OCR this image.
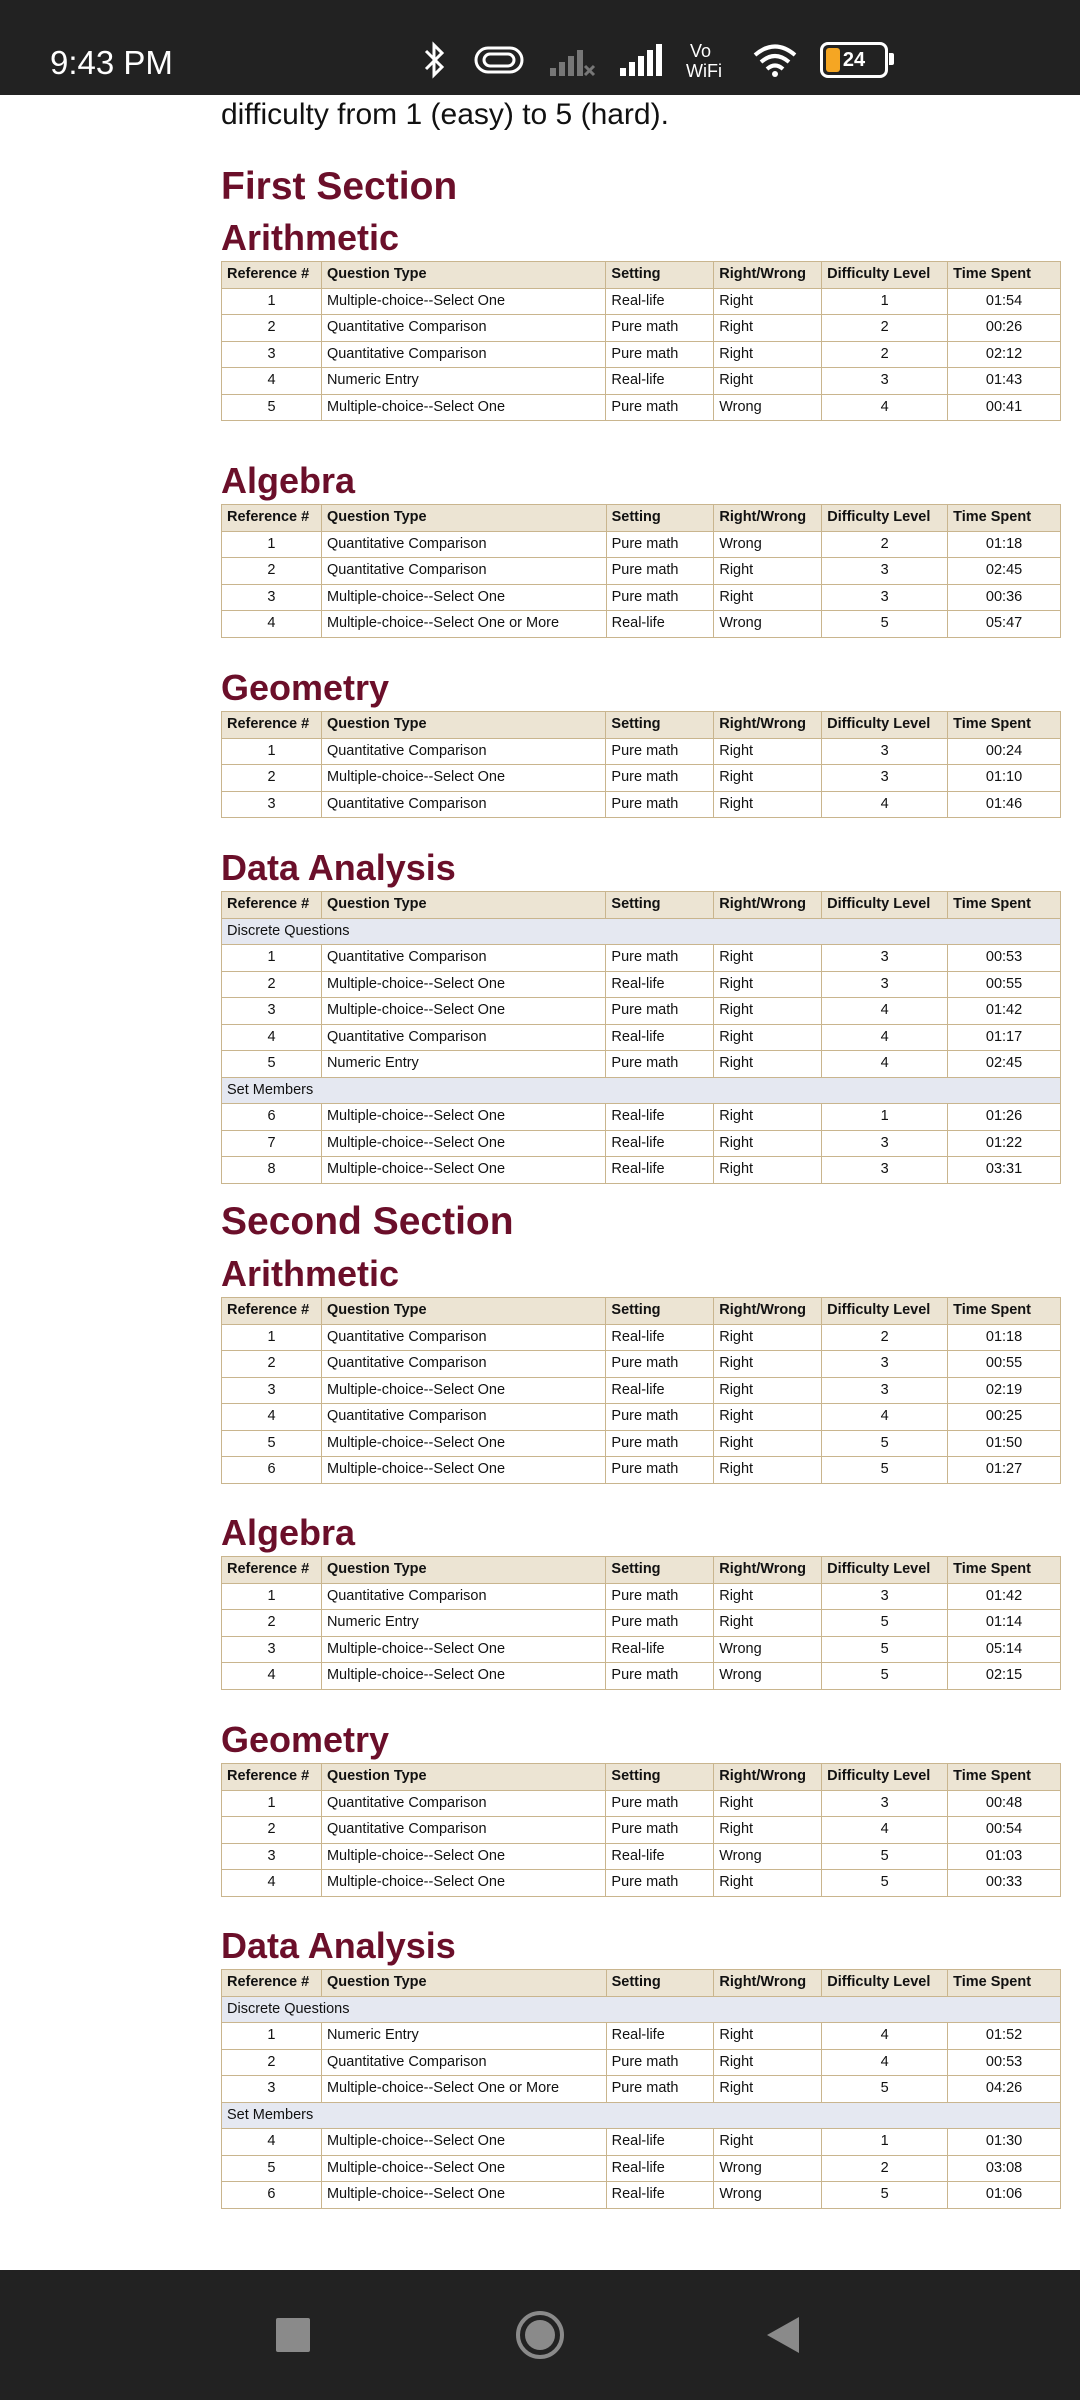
9:43 PM	Vo
WiFi
24
difficulty from 1 (easy) to 5 (hard).
First Section
Arithmetic
Reference #	Question Type	Setting	Right/Wrong	Difficulty Level	Time Spent
1	Multiple-choice--Select One	Real-life	Right	1	01:54
2	Quantitative Comparison	Pure math	Right	2	00:26
3	Quantitative Comparison	Pure math	Right	2	02:12
4	Numeric Entry	Real-life	Right	3	01:43
5	Multiple-choice--Select One	Pure math	Wrong	4	00:41
Algebra
Reference #	Question Type	Setting	Right/Wrong	Difficulty Level	Time Spent
1	Quantitative Comparison	Pure math	Wrong	2	01:18
2	Quantitative Comparison	Pure math	Right	3	02:45
3	Multiple-choice--Select One	Pure math	Right	3	00:36
4	Multiple-choice--Select One or More	Real-life	Wrong	5	05:47
Geometry
Reference #	Question Type	Setting	Right/Wrong	Difficulty Level	Time Spent
1	Quantitative Comparison	Pure math	Right	3	00:24
2	Multiple-choice--Select One	Pure math	Right	3	01:10
3	Quantitative Comparison	Pure math	Right	4	01:46
Data Analysis
Reference #	Question Type	Setting	Right/Wrong	Difficulty Level	Time Spent
Discrete Questions					
1	Quantitative Comparison	Pure math	Right	3	00:53
2	Multiple-choice--Select One	Real-life	Right	3	00:55
3	Multiple-choice--Select One	Pure math	Right	4	01:42
4	Quantitative Comparison	Real-life	Right	4	01:17
5	Numeric Entry	Pure math	Right	4	02:45
Set Members					
6	Multiple-choice--Select One	Real-life	Right	1	01:26
7	Multiple-choice--Select One	Real-life	Right	3	01:22
8	Multiple-choice--Select One	Real-life	Right	3	03:31
Second Section
Arithmetic
Reference #	Question Type	Setting	Right/Wrong	Difficulty Level	Time Spent
1	Quantitative Comparison	Real-life	Right	2	01:18
2	Quantitative Comparison	Pure math	Right	3	00:55
3	Multiple-choice--Select One	Real-life	Right	3	02:19
4	Quantitative Comparison	Pure math	Right	4	00:25
5	Multiple-choice--Select One	Pure math	Right	5	01:50
6	Multiple-choice--Select One	Pure math	Right	5	01:27
Algebra
Reference #	Question Type	Setting	Right/Wrong	Difficulty Level	Time Spent
1	Quantitative Comparison	Pure math	Right	3	01:42
2	Numeric Entry	Pure math	Right	5	01:14
3	Multiple-choice--Select One	Real-life	Wrong	5	05:14
4	Multiple-choice--Select One	Pure math	Wrong	5	02:15
Geometry
Reference #	Question Type	Setting	Right/Wrong	Difficulty Level	Time Spent
1	Quantitative Comparison	Pure math	Right	3	00:48
2	Quantitative Comparison	Pure math	Right	4	00:54
3	Multiple-choice--Select One	Real-life	Wrong	5	01:03
4	Multiple-choice--Select One	Pure math	Right	5	00:33
Data Analysis
Reference #	Question Type	Setting	Right/Wrong	Difficulty Level	Time Spent
Discrete Questions					
1	Numeric Entry	Real-life	Right	4	01:52
2	Quantitative Comparison	Pure math	Right	4	00:53
3	Multiple-choice--Select One or More	Pure math	Right	5	04:26
Set Members					
4	Multiple-choice--Select One	Real-life	Right	1	01:30
5	Multiple-choice--Select One	Real-life	Wrong	2	03:08
6	Multiple-choice--Select One	Real-life	Wrong	5	01:06
